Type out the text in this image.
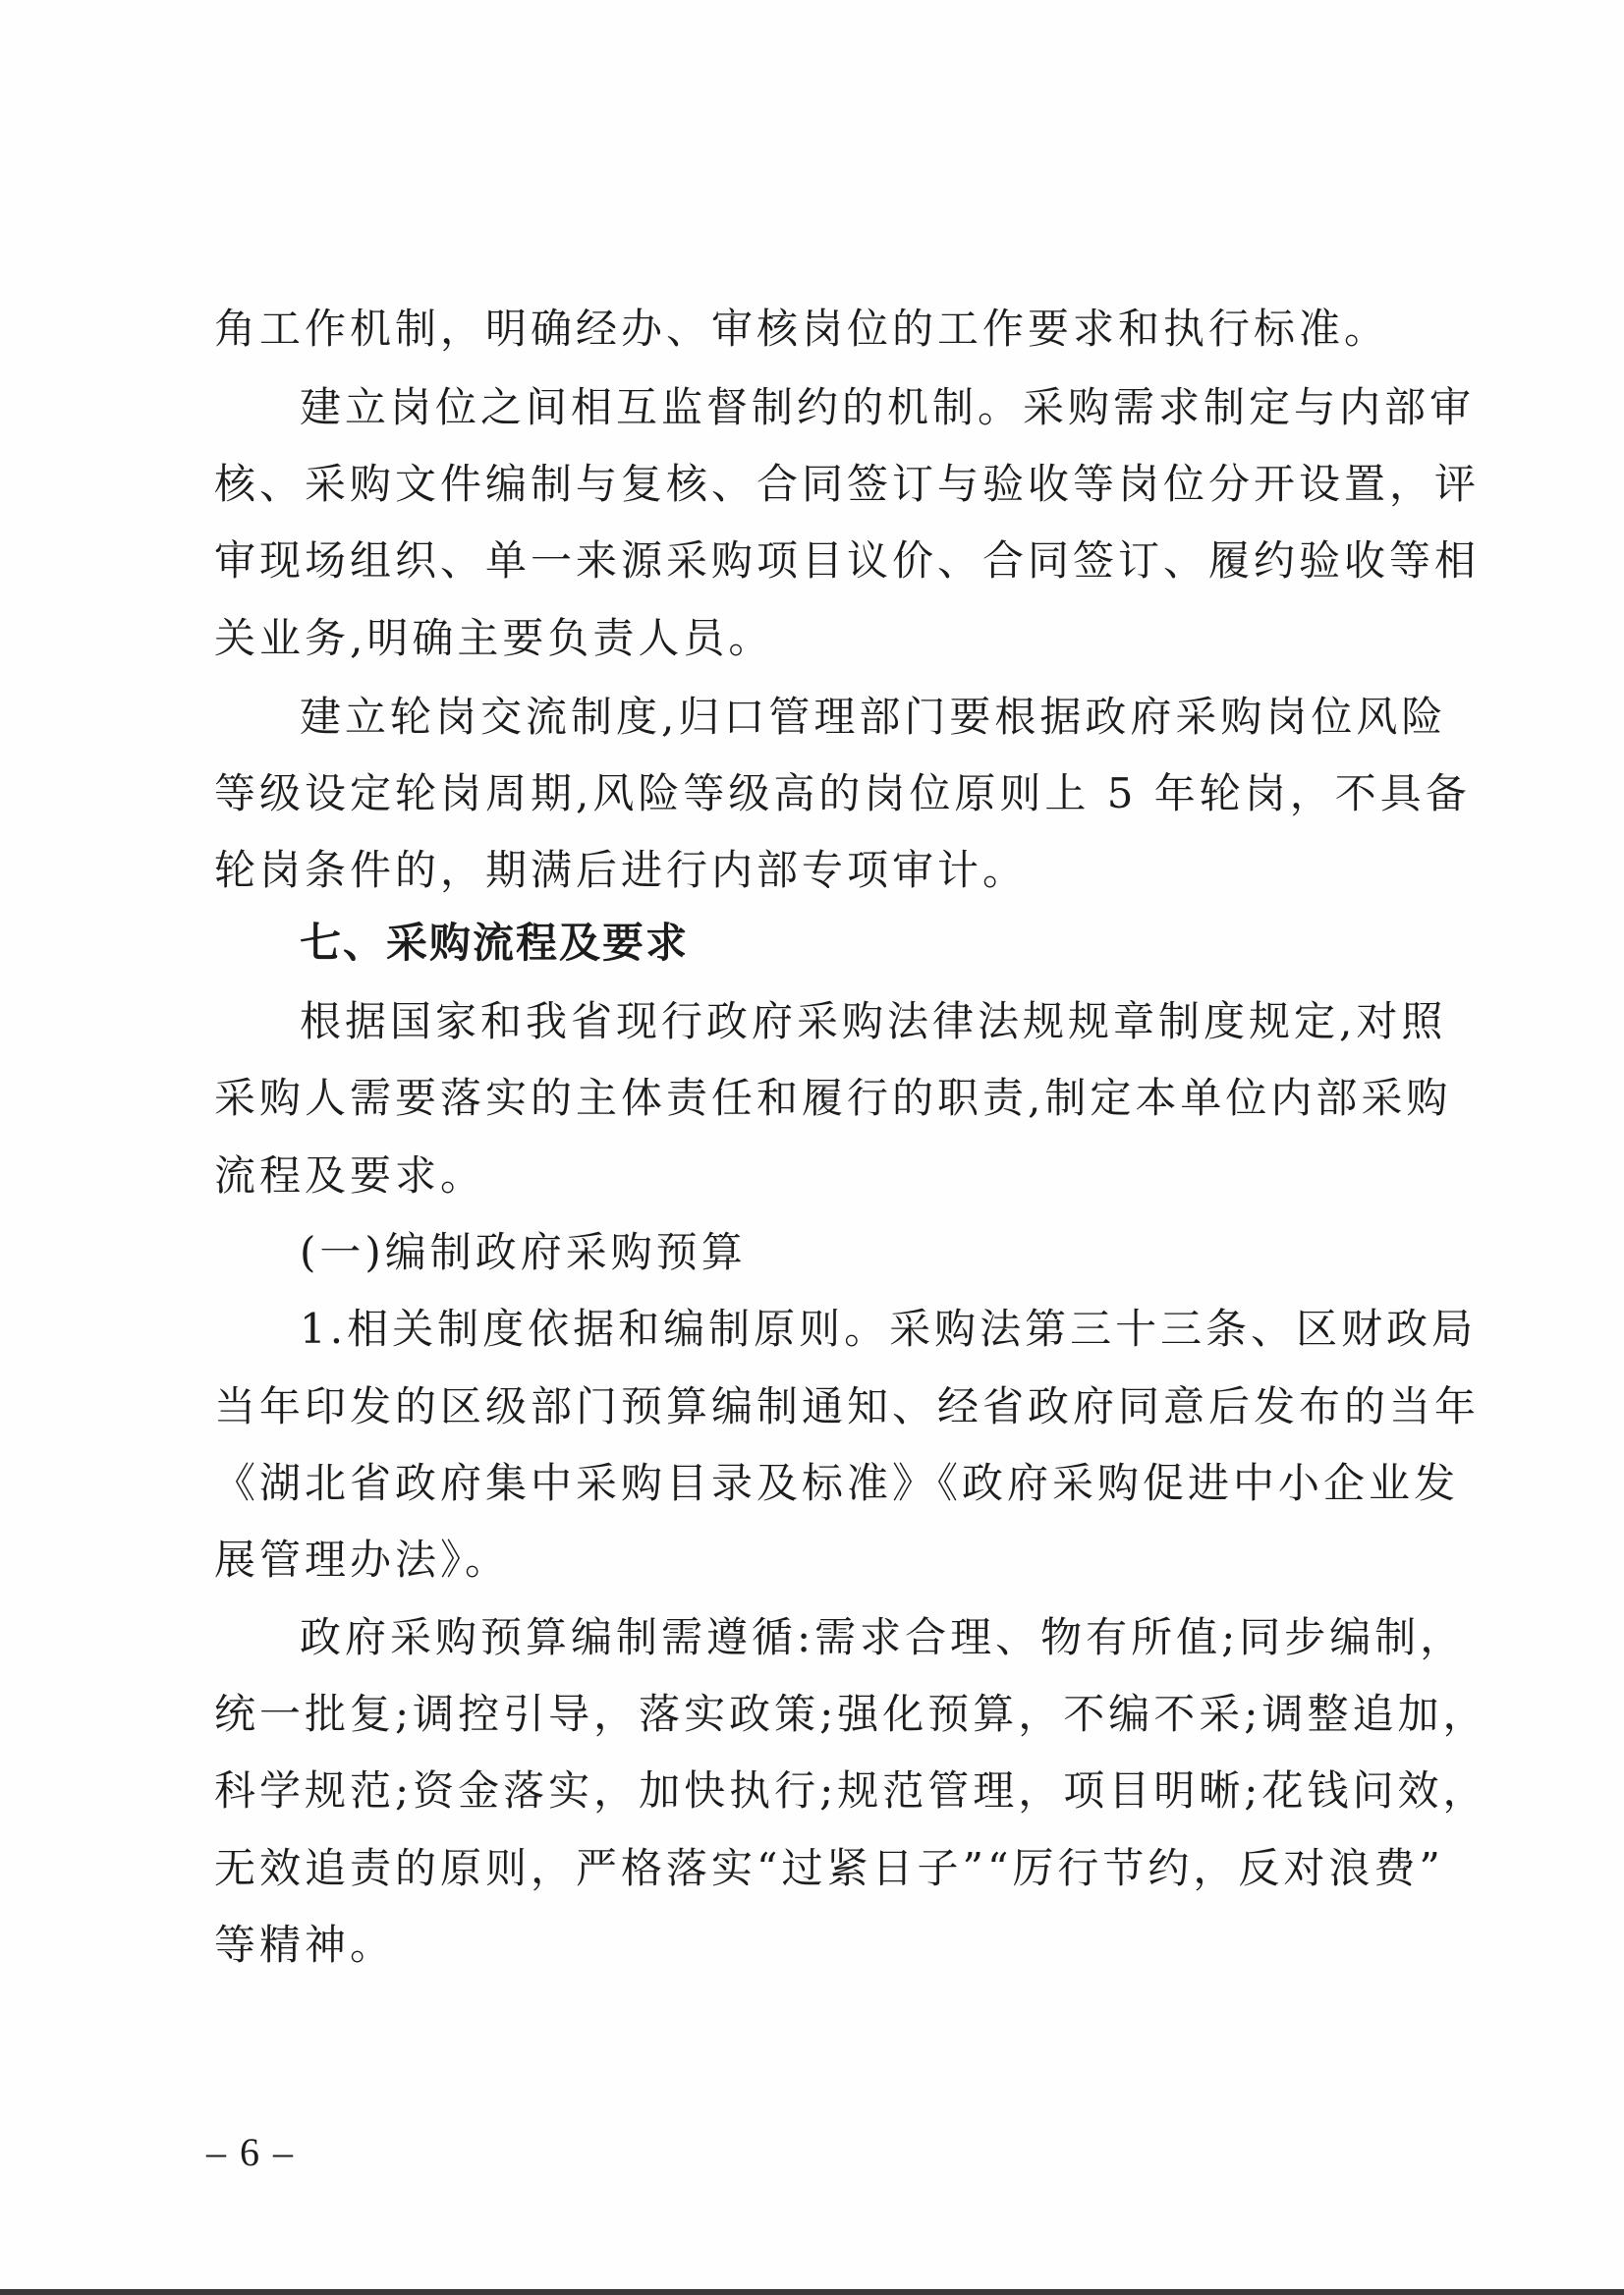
角工作机制，明确经办、审核岗位的工作要求和执行标准。
建立岗位之间相互监督制约的机制。采购需求制定与内部审
核、采购文件编制与复核、合同签订与验收等岗位分开设置，评
审现场组织、单一来源采购项目议价、合同签订、履约验收等相
关业务,明确主要负责人员。
建立轮岗交流制度,归口管理部门要根据政府采购岗位风险
等级设定轮岗周期,风险等级高的岗位原则上 5 年轮岗，不具备
轮岗条件的，期满后进行内部专项审计。
七、采购流程及要求
根据国家和我省现行政府采购法律法规规章制度规定,对照
采购人需要落实的主体责任和履行的职责,制定本单位内部采购
流程及要求。
(一)编制政府采购预算
1.相关制度依据和编制原则。采购法第三十三条、区财政局
当年印发的区级部门预算编制通知、经省政府同意后发布的当年
《湖北省政府集中采购目录及标准》《政府采购促进中小企业发
展管理办法》。
政府采购预算编制需遵循:需求合理、物有所值;同步编制，
统一批复;调控引导，落实政策;强化预算，不编不采;调整追加，
科学规范;资金落实，加快执行;规范管理，项目明晰;花钱问效，
无效追责的原则，严格落实“过紧日子”“厉行节约，反对浪费”
等精神。
– 6 –
